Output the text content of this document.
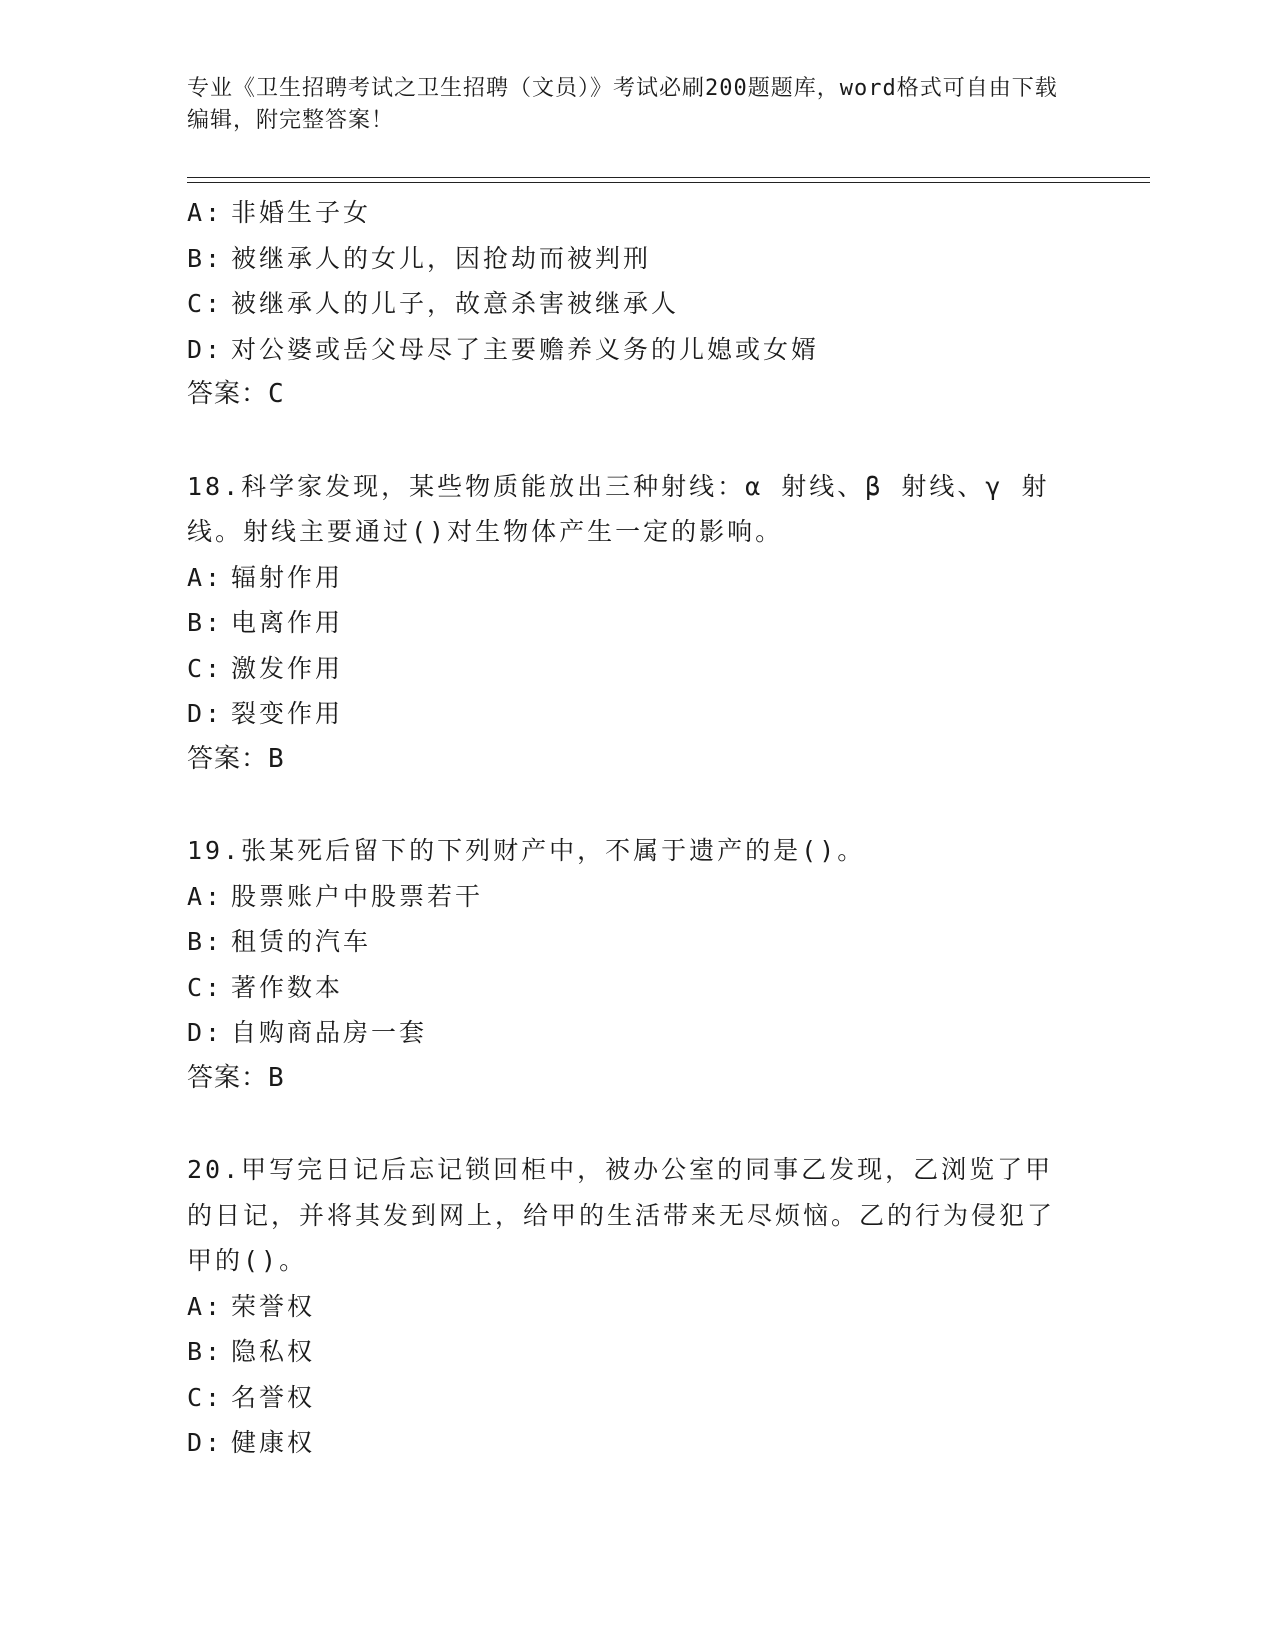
专业《卫生招聘考试之卫生招聘（文员）》考试必刷200题题库，word格式可自由下载编辑，附完整答案！
A: 非婚生子女
B: 被继承人的女儿，因抢劫而被判刑
C: 被继承人的儿子，故意杀害被继承人
D: 对公婆或岳父母尽了主要赡养义务的儿媳或女婿
答案：C
18.科学家发现，某些物质能放出三种射线：α 射线、β 射线、γ 射线。射线主要通过()对生物体产生一定的影响。
A: 辐射作用
B: 电离作用
C: 激发作用
D: 裂变作用
答案：B
19.张某死后留下的下列财产中，不属于遗产的是()。
A: 股票账户中股票若干
B: 租赁的汽车
C: 著作数本
D: 自购商品房一套
答案：B
20.甲写完日记后忘记锁回柜中，被办公室的同事乙发现，乙浏览了甲的日记，并将其发到网上，给甲的生活带来无尽烦恼。乙的行为侵犯了甲的()。
A: 荣誉权
B: 隐私权
C: 名誉权
D: 健康权
